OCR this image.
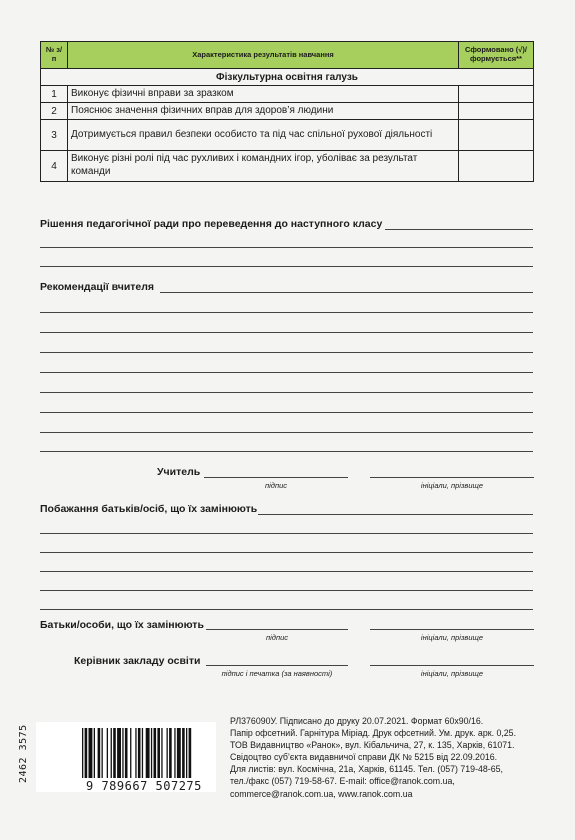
№ з/п	Характеристика результатів навчання	Сформовано (√)/ формується**
Фізкультурна освітня галузь		
1	Виконує фізичні вправи за зразком	
2	Пояснює значення фізичних вправ для здоров’я людини	
3	Дотримується правил безпеки особисто та під час спільної рухової діяльності	
4	Виконує різні ролі під час рухливих і командних ігор, уболіває за результат команди	
Рішення педагогічної ради про переведення до наступного класу
Рекомендації вчителя
Учитель
підпис	ініціали, прізвище
Побажання батьків/осіб, що їх замінюють
Батьки/особи, що їх замінюють
підпис	ініціали, прізвище
Керівник закладу освіти
підпис і печатка (за наявності)	ініціали, прізвище
2462 3575
9 789667 507275
РЛ376090У. Підписано до друку 20.07.2021. Формат 60х90/16.
Папір офсетний. Гарнітура Міріад. Друк офсетний. Ум. друк. арк. 0,25.
ТОВ Видавництво «Ранок», вул. Кібальчича, 27, к. 135, Харків, 61071.
Свідоцтво суб’єкта видавничої справи ДК № 5215 від 22.09.2016.
Для листів: вул. Космічна, 21а, Харків, 61145. Тел. (057) 719-48-65,
тел./факс (057) 719-58-67. E-mail: office@ranok.com.ua,
commerce@ranok.com.ua, www.ranok.com.ua
